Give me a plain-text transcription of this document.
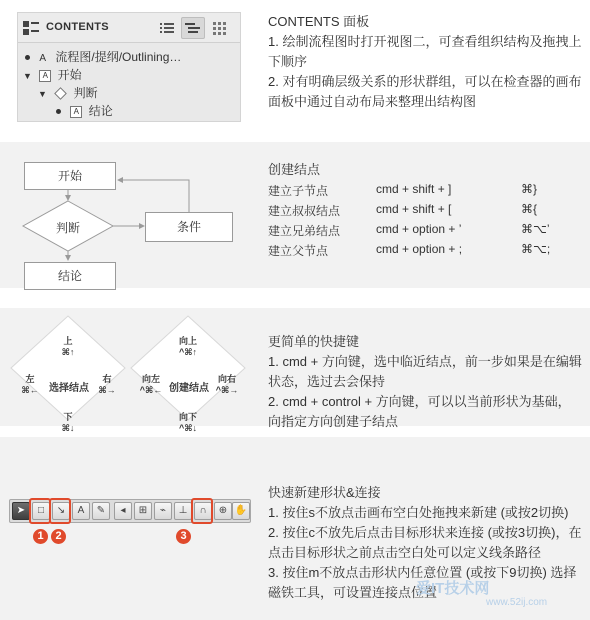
CONTENTS
A 流程图/提纲/Outlining…
▼ A 开始
▼ 判断
A 结论
CONTENTS 面板
1. 绘制流程图时打开视图二，可查看组织结构及拖拽上下顺序
2. 对有明确层级关系的形状群组，可以在检查器的画布面板中通过自动布局来整理出结构图
开始
判断	条件
结论
创建结点
建立子节点	cmd + shift + ]	⌘}
建立叔叔结点	cmd + shift + [	⌘{
建立兄弟结点	cmd + option + ’	⌘⌥’
建立父节点	cmd + option + ;	⌘⌥;
上
⌘↑
下
⌘↓
左
⌘←
右
⌘→
选择结点
向上
^⌘↑
向下
^⌘↓
向左
^⌘←
向右
^⌘→
创建结点
更简单的快捷键
1. cmd + 方向键，选中临近结点，前一步如果是在编辑状态，选过去会保持
2. cmd + control + 方向键，可以以当前形状为基础，向指定方向创建子结点
快速新建形状&连接
1. 按住s不放点击画布空白处拖拽来新建 (或按2切换)
2. 按住c不放先后点击目标形状来连接 (或按3切换)，在点击目标形状之前点击空白处可以定义线条路径
3. 按住m不放点击形状内任意位置 (或按下9切换) 选择磁铁工具，可设置连接点位置
➤	□	↘	A	✎	◂	⊞	⌁	⊥	∩	⊕ ✋
1	2	3
爱IT技术网
www.52ij.com
